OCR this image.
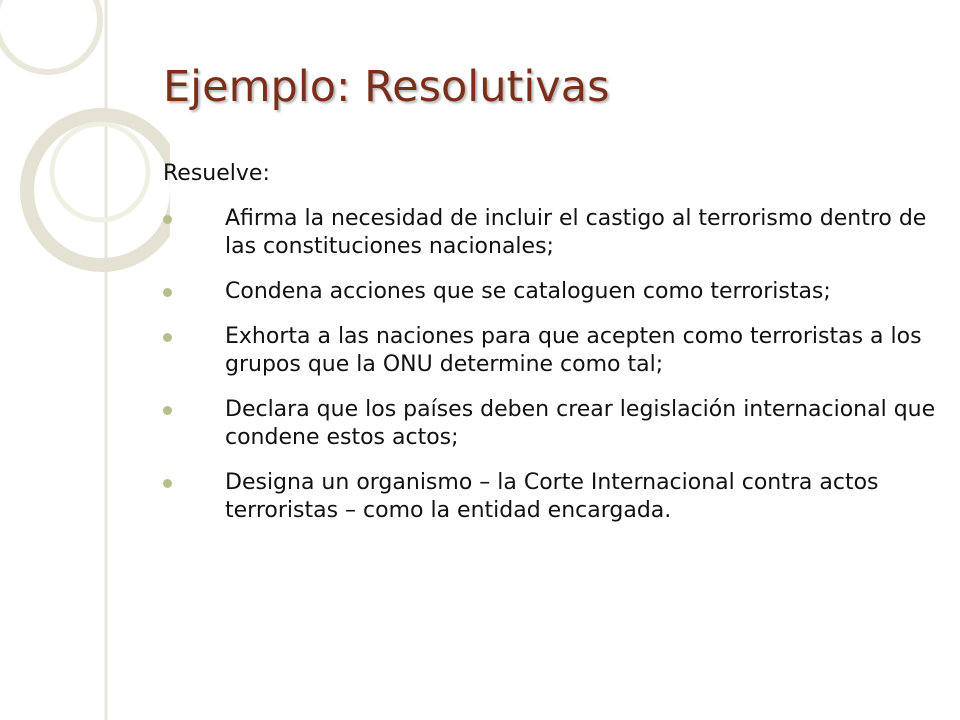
Ejemplo: Resolutivas

Resuelve:

Afirma la necesidad de incluir el castigo al terrorismo dentro de las constituciones nacionales;
Condena acciones que se cataloguen como terroristas;
Exhorta a las naciones para que acepten como terroristas a los grupos que la ONU determine como tal;
Declara que los países deben crear legislación internacional que condene estos actos;
Designa un organismo – la Corte Internacional contra actos terroristas – como la entidad encargada.
